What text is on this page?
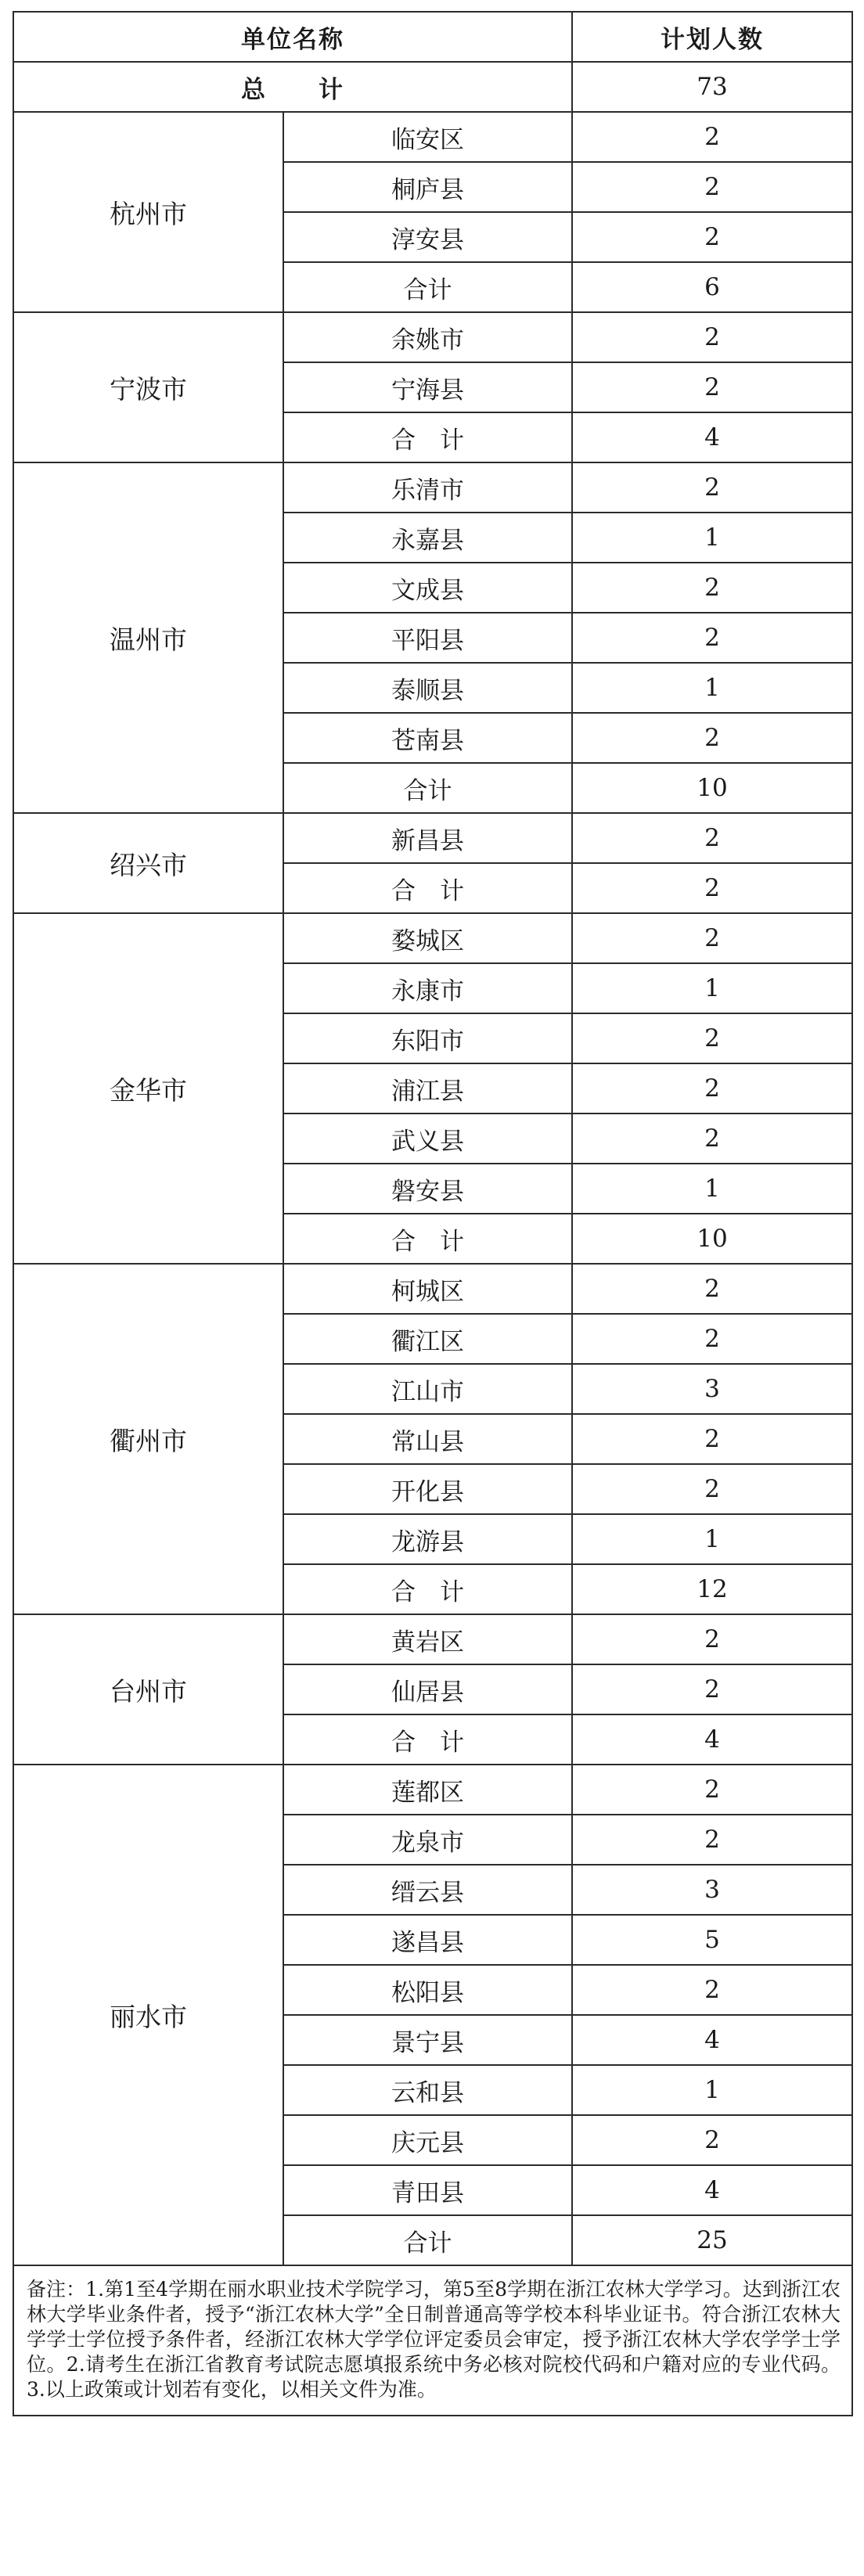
单位名称		计划人数
总　　计		73
杭州市	临安区	2
	桐庐县	2
	淳安县	2
	合计	6
宁波市	余姚市	2
	宁海县	2
	合　计	4
温州市	乐清市	2
	永嘉县	1
	文成县	2
	平阳县	2
	泰顺县	1
	苍南县	2
	合计	10
绍兴市	新昌县	2
	合　计	2
金华市	婺城区	2
	永康市	1
	东阳市	2
	浦江县	2
	武义县	2
	磐安县	1
	合　计	10
衢州市	柯城区	2
	衢江区	2
	江山市	3
	常山县	2
	开化县	2
	龙游县	1
	合　计	12
台州市	黄岩区	2
	仙居县	2
	合　计	4
丽水市	莲都区	2
	龙泉市	2
	缙云县	3
	遂昌县	5
	松阳县	2
	景宁县	4
	云和县	1
	庆元县	2
	青田县	4
	合计	25
备注：1.第1至4学期在丽水职业技术学院学习，第5至8学期在浙江农林大学学习。达到浙江农林大学毕业条件者，授予“浙江农林大学”全日制普通高等学校本科毕业证书。符合浙江农林大学学士学位授予条件者，经浙江农林大学学位评定委员会审定，授予浙江农林大学农学学士学位。2.请考生在浙江省教育考试院志愿填报系统中务必核对院校代码和户籍对应的专业代码。3.以上政策或计划若有变化，以相关文件为准。
